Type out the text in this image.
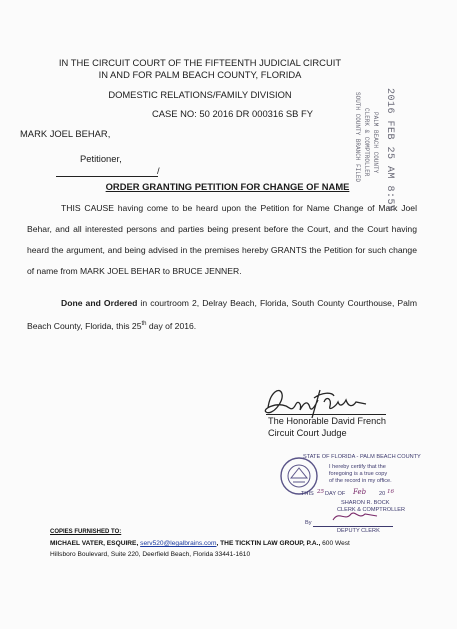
IN THE CIRCUIT COURT OF THE FIFTEENTH JUDICIAL CIRCUIT
IN AND FOR PALM BEACH COUNTY, FLORIDA
DOMESTIC RELATIONS/FAMILY DIVISION
CASE NO: 50 2016 DR 000316 SB FY
MARK JOEL BEHAR,
Petitioner,
/
ORDER GRANTING PETITION FOR CHANGE OF NAME
THIS CAUSE having come to be heard upon the Petition for Name Change of Mark Joel Behar, and all interested persons and parties being present before the Court, and the Court having heard the argument, and being advised in the premises hereby GRANTS the Petition for such change of name from MARK JOEL BEHAR to BRUCE JENNER.
Done and Ordered in courtroom 2, Delray Beach, Florida, South County Courthouse, Palm Beach County, Florida, this 25th day of 2016.
The Honorable David French
Circuit Court Judge
2016 FEB 25 AM 8:59
SOUTH COUNTY BRANCH FILED CLERK & COMPTROLLER PALM BEACH COUNTY
STATE OF FLORIDA - PALM BEACH COUNTY
I hereby certify that the
foregoing is a true copy
of the record in my office.
THIS 25 DAY OF Feb 20 16
SHARON R. BOCK
CLERK & COMPTROLLER
By
DEPUTY CLERK
COPIES FURNISHED TO:
MICHAEL VATER, ESQUIRE, serv520@legalbrains.com, THE TICKTIN LAW GROUP, P.A., 600 West
Hillsboro Boulevard, Suite 220, Deerfield Beach, Florida 33441-1610
